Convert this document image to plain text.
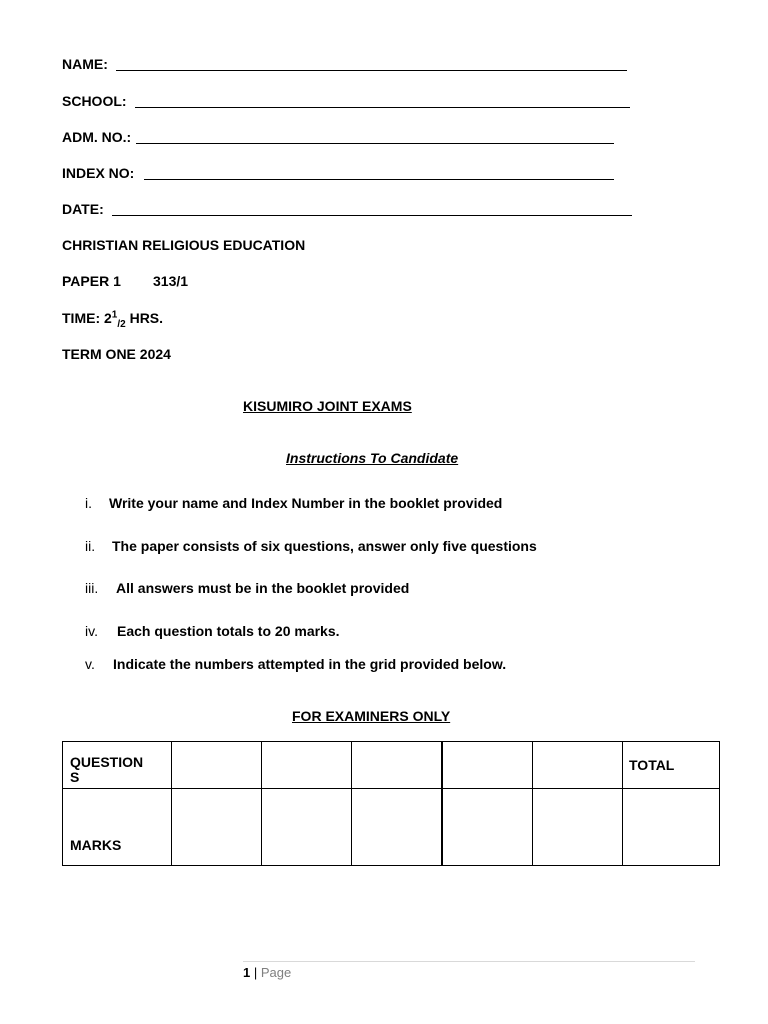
NAME:
SCHOOL:
ADM. NO.:
INDEX NO:
DATE:
CHRISTIAN RELIGIOUS EDUCATION
PAPER 1 313/1
TIME: $2^1_{/2}$ HRS.
TERM ONE 2024
KISUMIRO JOINT EXAMS
Instructions To Candidate
i. Write your name and Index Number in the booklet provided
ii. The paper consists of six questions, answer only five questions
iii. All answers must be in the booklet provided
iv. Each question totals to 20 marks.
v. Indicate the numbers attempted in the grid provided below.
FOR EXAMINERS ONLY
QUESTION
S						TOTAL
MARKS						
1 | Page
